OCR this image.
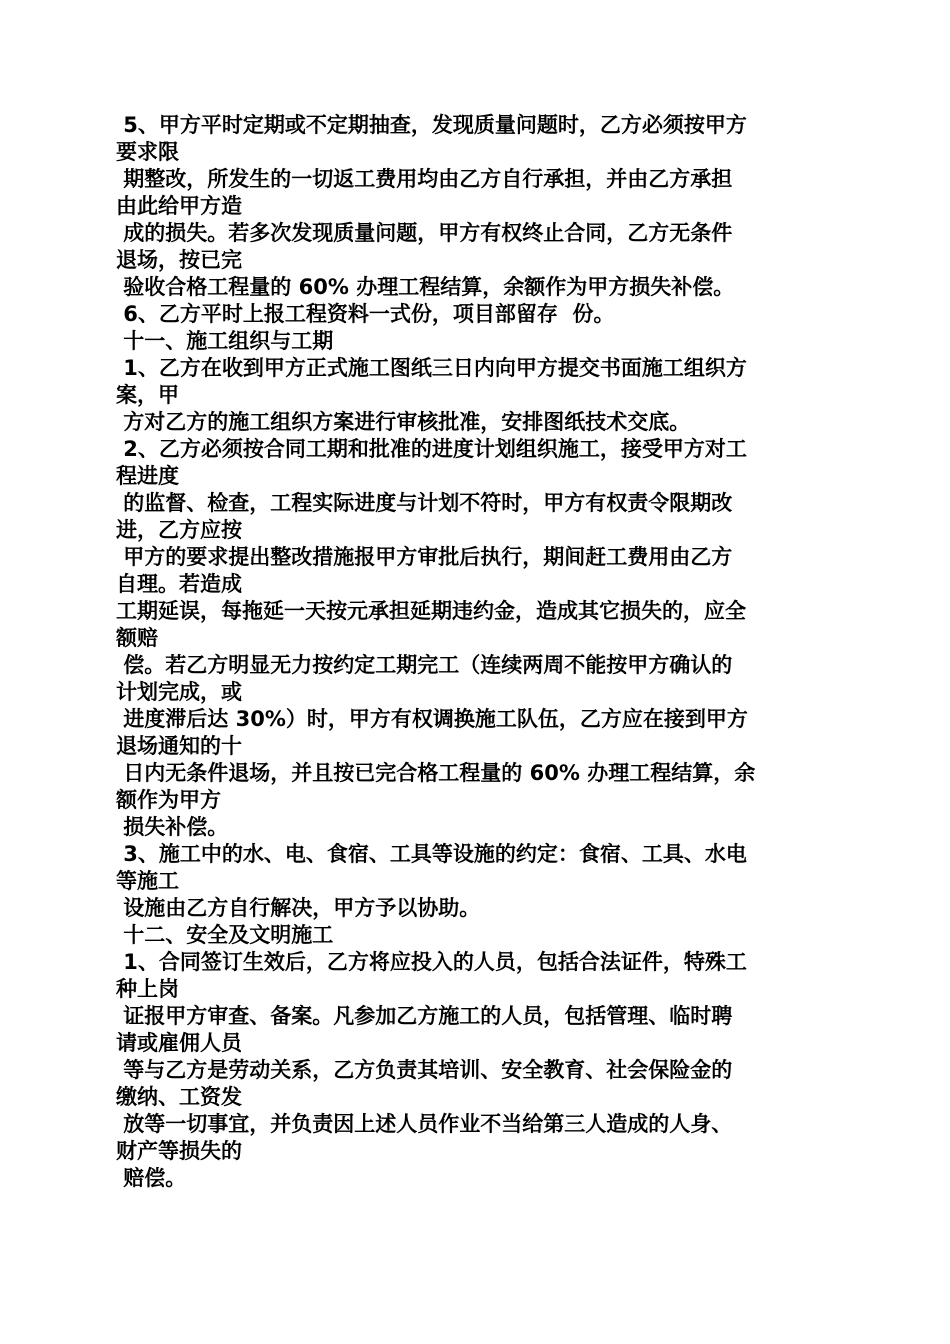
5、甲方平时定期或不定期抽查，发现质量问题时，乙方必须按甲方
要求限
期整改，所发生的一切返工费用均由乙方自行承担，并由乙方承担
由此给甲方造
成的损失。若多次发现质量问题，甲方有权终止合同，乙方无条件
退场，按已完
验收合格工程量的 60% 办理工程结算，余额作为甲方损失补偿。
6、乙方平时上报工程资料一式份，项目部留存  份。
十一、施工组织与工期
1、乙方在收到甲方正式施工图纸三日内向甲方提交书面施工组织方
案，甲
方对乙方的施工组织方案进行审核批准，安排图纸技术交底。
2、乙方必须按合同工期和批准的进度计划组织施工，接受甲方对工
程进度
的监督、检查，工程实际进度与计划不符时，甲方有权责令限期改
进，乙方应按
甲方的要求提出整改措施报甲方审批后执行，期间赶工费用由乙方
自理。若造成
工期延误，每拖延一天按元承担延期违约金，造成其它损失的，应全
额赔
偿。若乙方明显无力按约定工期完工（连续两周不能按甲方确认的
计划完成，或
进度滞后达 30%）时，甲方有权调换施工队伍，乙方应在接到甲方
退场通知的十
日内无条件退场，并且按已完合格工程量的 60% 办理工程结算，余
额作为甲方
损失补偿。
3、施工中的水、电、食宿、工具等设施的约定：食宿、工具、水电
等施工
设施由乙方自行解决，甲方予以协助。
十二、安全及文明施工
1、合同签订生效后，乙方将应投入的人员，包括合法证件，特殊工
种上岗
证报甲方审查、备案。凡参加乙方施工的人员，包括管理、临时聘
请或雇佣人员
等与乙方是劳动关系，乙方负责其培训、安全教育、社会保险金的
缴纳、工资发
放等一切事宜，并负责因上述人员作业不当给第三人造成的人身、
财产等损失的
赔偿。
